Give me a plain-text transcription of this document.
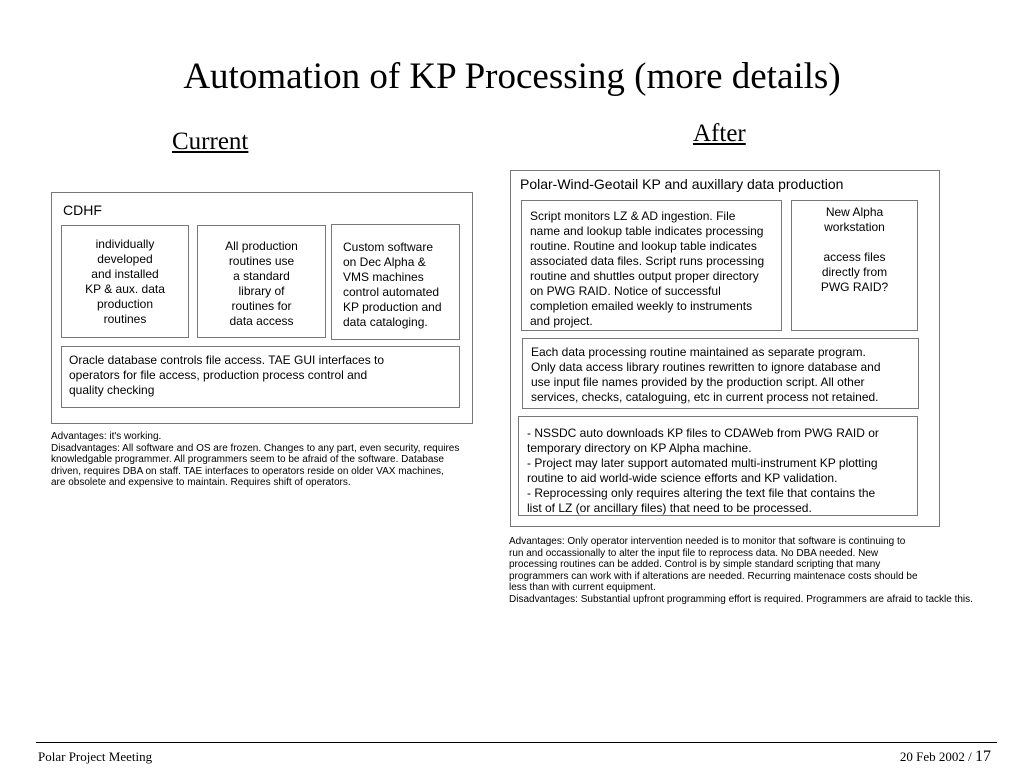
Automation of KP Processing (more details)
Current	After
CDHF
individually
developed
and installed
KP & aux. data
production
routines
All production
routines use
a standard
library of
routines for
data access
Custom software
on Dec Alpha &
VMS machines
control automated
KP production and
data cataloging.
Oracle database controls file access. TAE GUI interfaces to
operators for file access, production process control and
quality checking
Advantages: it's working.
Disadvantages: All software and OS are frozen. Changes to any part, even security, requires
knowledgable programmer. All programmers seem to be afraid of the software. Database
driven, requires DBA on staff. TAE interfaces to operators reside on older VAX machines,
are obsolete and expensive to maintain. Requires shift of operators.
Polar-Wind-Geotail KP and auxillary data production
Script monitors LZ & AD ingestion. File
name and lookup table indicates processing
routine. Routine and lookup table indicates
associated data files. Script runs processing
routine and shuttles output proper directory
on PWG RAID. Notice of successful
completion emailed weekly to instruments
and project.
New Alpha
workstation
access files
directly from
PWG RAID?
Each data processing routine maintained as separate program.
Only data access library routines rewritten to ignore database and
use input file names provided by the production script. All other
services, checks, cataloguing, etc in current process not retained.
- NSSDC auto downloads KP files to CDAWeb from PWG RAID or
temporary directory on KP Alpha machine.
- Project may later support automated multi-instrument KP plotting
routine to aid world-wide science efforts and KP validation.
- Reprocessing only requires altering the text file that contains the
list of LZ (or ancillary files) that need to be processed.
Advantages: Only operator intervention needed is to monitor that software is continuing to
run and occassionally to alter the input file to reprocess data. No DBA needed. New
processing routines can be added. Control is by simple standard scripting that many
programmers can work with if alterations are needed. Recurring maintenace costs should be
less than with current equipment.
Disadvantages: Substantial upfront programming effort is required. Programmers are afraid to tackle this.
Polar Project Meeting	20 Feb 2002 / 17
